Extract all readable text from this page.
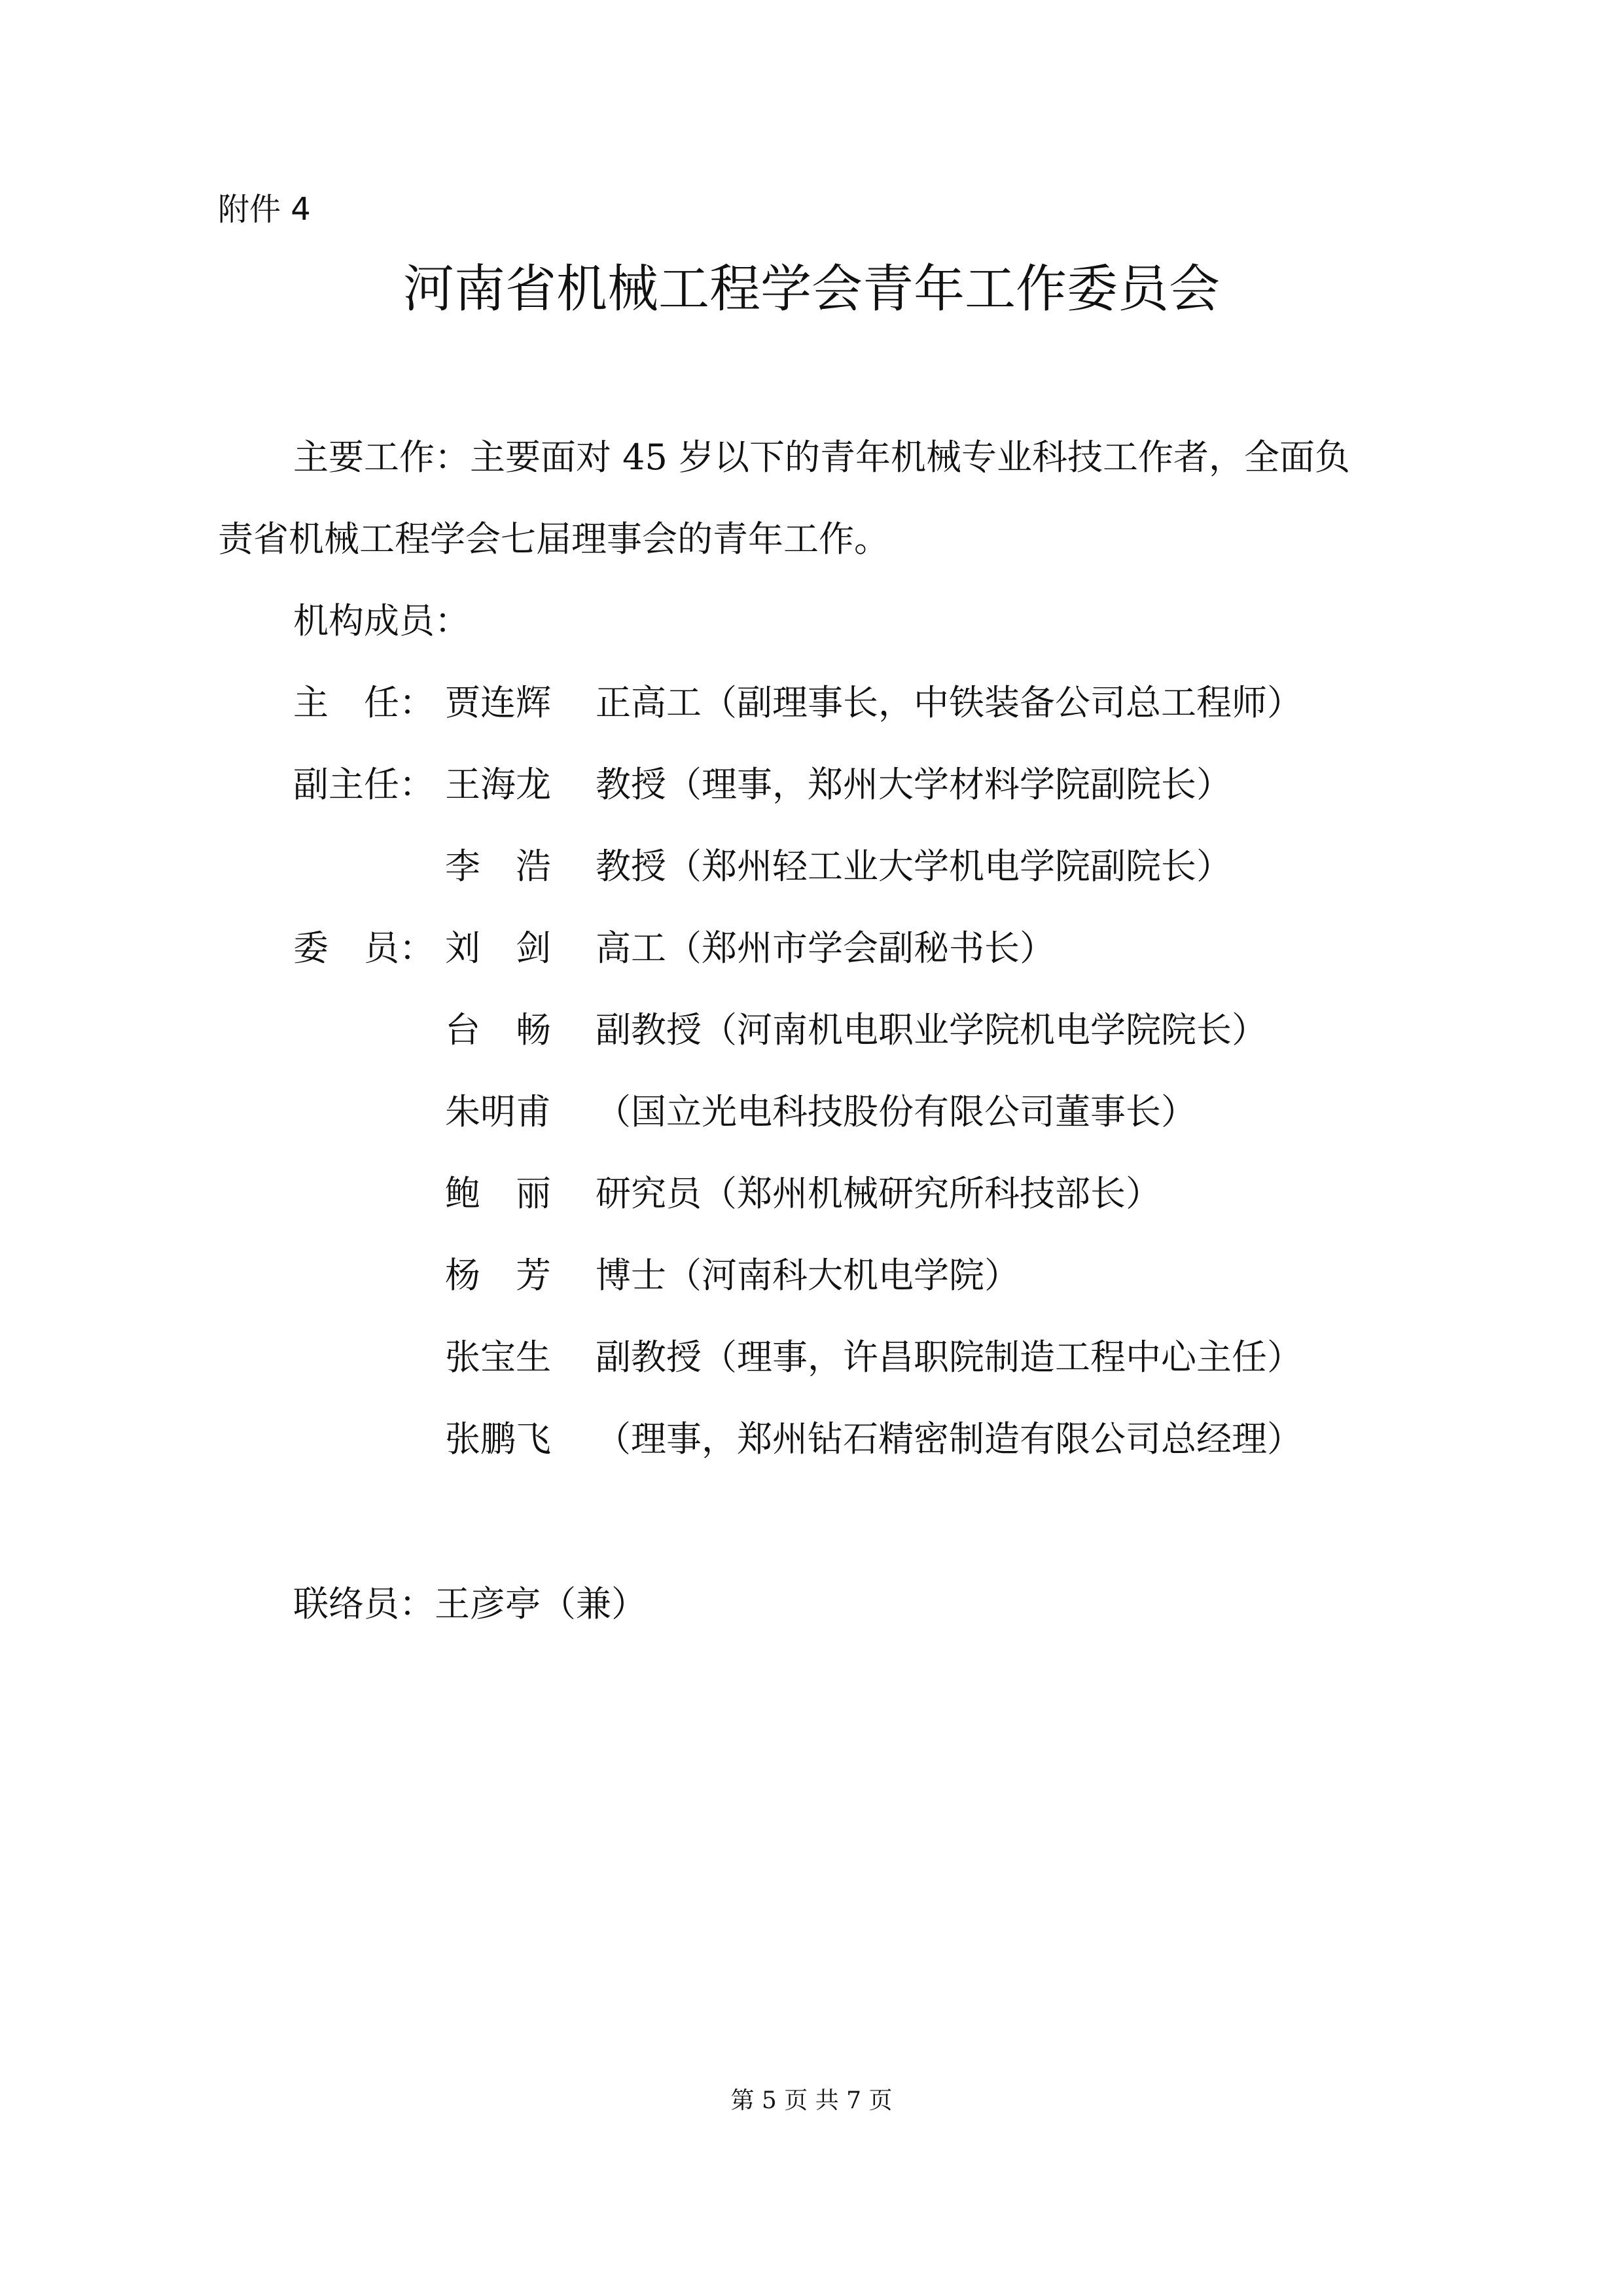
附件 4
河南省机械工程学会青年工作委员会
主要工作：主要面对 45 岁以下的青年机械专业科技工作者，全面负
责省机械工程学会七届理事会的青年工作。
机构成员：
主　任： 贾连辉	正高工（副理事长，中铁装备公司总工程师）
副主任： 王海龙	教授（理事，郑州大学材料学院副院长）
李　浩	教授（郑州轻工业大学机电学院副院长）
委　员： 刘　剑	高工（郑州市学会副秘书长）
台　畅	副教授（河南机电职业学院机电学院院长）
朱明甫	（国立光电科技股份有限公司董事长）
鲍　丽	研究员（郑州机械研究所科技部长）
杨　芳	博士（河南科大机电学院）
张宝生	副教授（理事，许昌职院制造工程中心主任）
张鹏飞	（理事，郑州钻石精密制造有限公司总经理）
联络员：王彦亭（兼）
第 5 页 共 7 页
